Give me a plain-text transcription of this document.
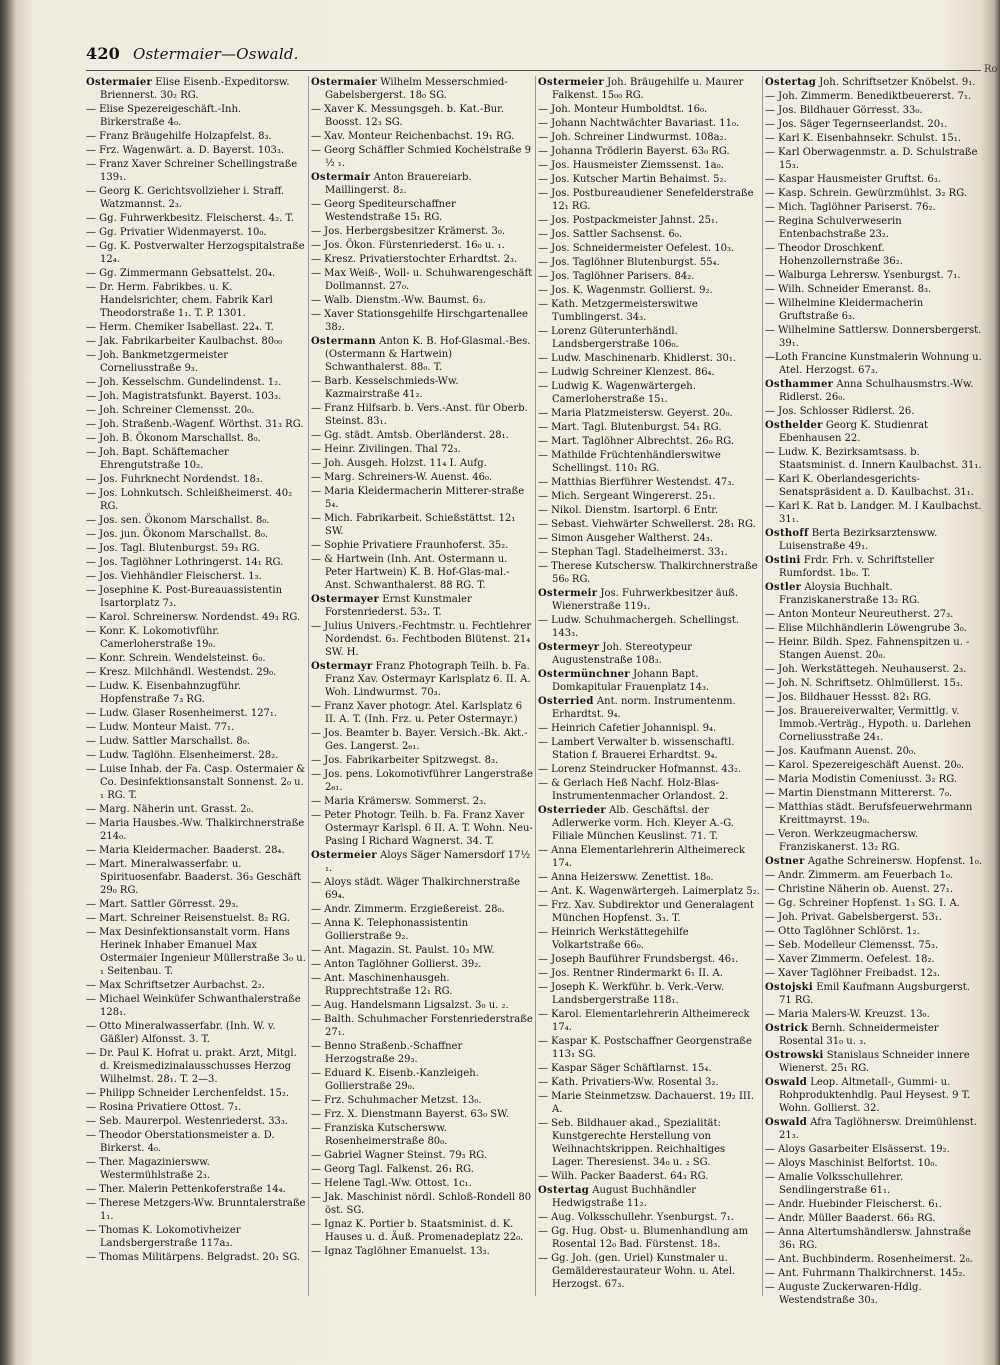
420 Ostermaier—Oswald.
Ostermaier Elise Eisenb.-Expeditorsw. Briennerst. 30₂ RG.
— Elise Spezereigeschäft.-Inh. Birkerstraße 4₀.
— Franz Bräugehilfe Holzapfelst. 8₃.
— Frz. Wagenwärt. a. D. Bayerst. 103₃.
— Franz Xaver Schreiner Schellingstraße 139₁.
— Georg K. Gerichtsvollzieher i. Straff. Watzmannst. 2₃.
— Gg. Fuhrwerkbesitz. Fleischerst. 4₂. T.
— Gg. Privatier Widenmayerst. 10₀.
— Gg. K. Postverwalter Herzogspitalstraße 12₄.
— Gg. Zimmermann Gebsattelst. 20₄.
— Dr. Herm. Fabrikbes. u. K. Handelsrichter, chem. Fabrik Karl Theodorstraße 1₁. T. P. 1301.
— Herm. Chemiker Isabellast. 22₄. T.
— Jak. Fabrikarbeiter Kaulbachst. 80₀₀
— Joh. Bankmetzgermeister Corneliusstraße 9₃.
— Joh. Kesselschm. Gundelindenst. 1₂.
— Joh. Magistratsfunkt. Bayerst. 103₃.
— Joh. Schreiner Clemensst. 20₀.
— Joh. Straßenb.-Wagenf. Wörthst. 31₃ RG.
— Joh. B. Ökonom Marschallst. 8₀.
— Joh. Bapt. Schäftemacher Ehrengutstraße 10₂.
— Jos. Fuhrknecht Nordendst. 18₃.
— Jos. Lohnkutsch. Schleißheimerst. 40₂ RG.
— Jos. sen. Ökonom Marschallst. 8₀.
— Jos. jun. Ökonom Marschallst. 8₀.
— Jos. Tagl. Blutenburgst. 59₃ RG.
— Jos. Taglöhner Lothringerst. 14₁ RG.
— Jos. Viehhändler Fleischerst. 1₃.
— Josephine K. Post-Bureauassistentin Isartorplatz 7₃.
— Karol. Schreinersw. Nordendst. 49₃ RG.
— Konr. K. Lokomotivführ. Camerloherstraße 19₀.
— Konr. Schrein. Wendelsteinst. 6₀.
— Kresz. Milchhändl. Westendst. 29₀.
— Ludw. K. Eisenbahnzugführ. Hopfenstraße 7₃ RG.
— Ludw. Glaser Rosenheimerst. 127₁.
— Ludw. Monteur Maist. 77₁.
— Ludw. Sattler Marschallst. 8₀.
— Ludw. Taglöhn. Elsenheimerst. 28₂.
— Luise Inhab. der Fa. Casp. Ostermaier & Co. Desinfektionsanstalt Sonnenst. 2₀ u. ₁ RG. T.
— Marg. Näherin unt. Grasst. 2₀.
— Maria Hausbes.-Ww. Thalkirchnerstraße 214₀.
— Maria Kleidermacher. Baaderst. 28₄.
— Mart. Mineralwasserfabr. u. Spirituosenfabr. Baaderst. 36₃ Geschäft 29₀ RG.
— Mart. Sattler Görresst. 29₃.
— Mart. Schreiner Reisenstuelst. 8₂ RG.
— Max Desinfektionsanstalt vorm. Hans Herinek Inhaber Emanuel Max Ostermaier Ingenieur Müllerstraße 3₀ u. ₁ Seitenbau. T.
— Max Schriftsetzer Aurbachst. 2₂.
— Michael Weinküfer Schwanthalerstraße 128₁.
— Otto Mineralwasserfabr. (Inh. W. v. Gäßler) Alfonsst. 3. T.
— Dr. Paul K. Hofrat u. prakt. Arzt, Mitgl. d. Kreismedizinalausschusses Herzog Wilhelmst. 28₁. T. 2—3.
— Philipp Schneider Lerchenfeldst. 15₂.
— Rosina Privatiere Ottost. 7₁.
— Seb. Maurerpol. Westenriederst. 33₃.
— Theodor Oberstationsmeister a. D. Birkerst. 4₀.
— Ther. Magaziniersww. Westermühlstraße 2₃.
— Ther. Malerin Pettenkoferstraße 14₄.
— Therese Metzgers-Ww. Brunntalerstraße 1₁.
— Thomas K. Lokomotivheizer Landsbergerstraße 117a₃.
— Thomas Militärpens. Belgradst. 20₁ SG.
Ostermaier Wilhelm Messerschmied-Gabelsbergerst. 18₀ SG.
— Xaver K. Messungsgeh. b. Kat.-Bur. Boosst. 12₃ SG.
— Xav. Monteur Reichenbachst. 19₁ RG.
— Georg Schäffler Schmied Kochelstraße 9 ½ ₁.
Ostermair Anton Brauereiarb. Maillingerst. 8₂.
— Georg Spediteurschaffner Westendstraße 15₁ RG.
— Jos. Herbergsbesitzer Krämerst. 3₀.
— Jos. Ökon. Fürstenriederst. 16₀ u. ₁.
— Kresz. Privatierstochter Erhardtst. 2₃.
— Max Weiß-, Woll- u. Schuhwarengeschäft Dollmannst. 27₀.
— Walb. Dienstm.-Ww. Baumst. 6₃.
— Xaver Stationsgehilfe Hirschgartenallee 38₂.
Ostermann Anton K. B. Hof-Glasmal.-Bes. (Ostermann & Hartwein) Schwanthalerst. 88₀. T.
— Barb. Kesselschmieds-Ww. Kazmairstraße 41₂.
— Franz Hilfsarb. b. Vers.-Anst. für Oberb. Steinst. 83₁.
— Gg. städt. Amtsb. Oberländerst. 28₁.
— Heinr. Zivilingen. Thal 72₃.
— Joh. Ausgeh. Holzst. 11₄ I. Aufg.
— Marg. Schreiners-W. Auenst. 46₀.
— Maria Kleidermacherin Mitterer-straße 5₄.
— Mich. Fabrikarbeit. Schießstättst. 12₁ SW.
— Sophie Privatiere Fraunhoferst. 35₂.
— & Hartwein (Inh. Ant. Ostermann u. Peter Hartwein) K. B. Hof-Glas-mal.-Anst. Schwanthalerst. 88 RG. T.
Ostermayer Ernst Kunstmaler Forstenriederst. 53₂. T.
— Julius Univers.-Fechtmstr. u. Fechtlehrer Nordendst. 6₃. Fechtboden Blütenst. 21₄ SW. H.
Ostermayr Franz Photograph Teilh. b. Fa. Franz Xav. Ostermayr Karlsplatz 6. II. A. Woh. Lindwurmst. 70₃.
— Franz Xaver photogr. Atel. Karlsplatz 6 II. A. T. (Inh. Frz. u. Peter Ostermayr.)
— Jos. Beamter b. Bayer. Versich.-Bk. Akt.-Ges. Langerst. 2₆₁.
— Jos. Fabrikarbeiter Spitzwegst. 8₃.
— Jos. pens. Lokomotivführer Langerstraße 2₆₁.
— Maria Krämersw. Sommerst. 2₃.
— Peter Photogr. Teilh. b. Fa. Franz Xaver Ostermayr Karlspl. 6 II. A. T. Wohn. Neu-Pasing I Richard Wagnerst. 34. T.
Ostermeier Aloys Säger Namersdorf 17½ ₁.
— Aloys städt. Wäger Thalkirchnerstraße 69₄.
— Andr. Zimmerm. Erzgießereist. 28₀.
— Anna K. Telephonassistentin Gollierstraße 9₂.
— Ant. Magazin. St. Paulst. 10₃ MW.
— Anton Taglöhner Gollierst. 39₂.
— Ant. Maschinenhausgeh. Rupprechtstraße 12₁ RG.
— Aug. Handelsmann Ligsalzst. 3₀ u. ₂.
— Balth. Schuhmacher Forstenriederstraße 27₁.
— Benno Straßenb.-Schaffner Herzogstraße 29₃.
— Eduard K. Eisenb.-Kanzleigeh. Gollierstraße 29₀.
— Frz. Schuhmacher Metzst. 13₀.
— Frz. X. Dienstmann Bayerst. 63₀ SW.
— Franziska Kutschersww. Rosenheimerstraße 80₀.
— Gabriel Wagner Steinst. 79₃ RG.
— Georg Tagl. Falkenst. 26₁ RG.
— Helene Tagl.-Ww. Ottost. 1c₁.
— Jak. Maschinist nördl. Schloß-Rondell 80 öst. SG.
— Ignaz K. Portier b. Staatsminist. d. K. Hauses u. d. Äuß. Promenadeplatz 22₀.
— Ignaz Taglöhner Emanuelst. 13₃.
Ostermeier Joh. Bräugehilfe u. Maurer Falkenst. 15₀₀ RG.
— Joh. Monteur Humboldtst. 16₀.
— Johann Nachtwächter Bavariast. 11₀.
— Joh. Schreiner Lindwurmst. 108a₂.
— Johanna Trödlerin Bayerst. 63₀ RG.
— Jos. Hausmeister Ziemssenst. 1a₀.
— Jos. Kutscher Martin Behaimst. 5₂.
— Jos. Postbureaudiener Senefelderstraße 12₁ RG.
— Jos. Postpackmeister Jahnst. 25₁.
— Jos. Sattler Sachsenst. 6₀.
— Jos. Schneidermeister Oefelest. 10₃.
— Jos. Taglöhner Blutenburgst. 55₄.
— Jos. Taglöhner Parisers. 84₂.
— Jos. K. Wagenmstr. Gollierst. 9₂.
— Kath. Metzgermeisterswitwe Tumblingerst. 34₃.
— Lorenz Güterunterhändl. Landsbergerstraße 106₀.
— Ludw. Maschinenarb. Khidlerst. 30₁.
— Ludwig Schreiner Klenzest. 86₄.
— Ludwig K. Wagenwärtergeh. Camerloherstraße 15₁.
— Maria Platzmeistersw. Geyerst. 20₀.
— Mart. Tagl. Blutenburgst. 54₁ RG.
— Mart. Taglöhner Albrechtst. 26₀ RG.
— Mathilde Früchtenhändlerswitwe Schellingst. 110₁ RG.
— Matthias Bierführer Westendst. 47₃.
— Mich. Sergeant Wingererst. 25₁.
— Nikol. Dienstm. Isartorpl. 6 Entr.
— Sebast. Viehwärter Schwellerst. 28₁ RG.
— Simon Ausgeher Waltherst. 24₃.
— Stephan Tagl. Stadelheimerst. 33₁.
— Therese Kutschersw. Thalkirchnerstraße 56₀ RG.
Ostermeir Jos. Fuhrwerkbesitzer äuß. Wienerstraße 119₁.
— Ludw. Schuhmachergeh. Schellingst. 143₃.
Ostermeyr Joh. Stereotypeur Augustenstraße 108₃.
Ostermünchner Johann Bapt. Domkapitular Frauenplatz 14₃.
Osterried Ant. norm. Instrumentenm. Erhardtst. 9₄.
— Heinrich Cafetier Johannispl. 9₄.
— Lambert Verwalter b. wissenschaftl. Station f. Brauerei Erhardtst. 9₄.
— Lorenz Steindrucker Hofmannst. 43₂.
— & Gerlach Heß Nachf. Holz-Blas-Instrumentenmacher Orlandost. 2.
Osterrieder Alb. Geschäftsl. der Adlerwerke vorm. Hch. Kleyer A.-G. Filiale München Keuslinst. 71. T.
— Anna Elementarlehrerin Altheimereck 17₄.
— Anna Heizersww. Zenettist. 18₀.
— Ant. K. Wagenwärtergeh. Laimerplatz 5₂.
— Frz. Xav. Subdirektor und Generalagent München Hopfenst. 3₃. T.
— Heinrich Werkstättegehilfe Volkartstraße 66₀.
— Joseph Bauführer Frundsbergst. 46₁.
— Jos. Rentner Rindermarkt 6₁ II. A.
— Joseph K. Werkführ. b. Verk.-Verw. Landsbergerstraße 118₁.
— Karol. Elementarlehrerin Altheimereck 17₄.
— Kaspar K. Postschaffner Georgenstraße 113₁ SG.
— Kaspar Säger Schäftlarnst. 15₄.
— Kath. Privatiers-Ww. Rosental 3₂.
— Marie Steinmetzsw. Dachauerst. 19₂ III. A.
— Seb. Bildhauer akad., Spezialität: Kunstgerechte Herstellung von Weihnachtskrippen. Reichhaltiges Lager. Theresienst. 34₀ u. ₂ SG.
— Wilh. Packer Baaderst. 64₃ RG.
Ostertag August Buchhändler Hedwigstraße 11₂.
— Aug. Volksschullehr. Ysenburgst. 7₁.
— Gg. Hug. Obst- u. Blumenhandlung am Rosental 12₀ Bad. Fürstenst. 18₃.
— Gg. Joh. (gen. Uriel) Kunstmaler u. Gemälderestaurateur Wohn. u. Atel. Herzogst. 67₃.
Ostertag Joh. Schriftsetzer Knöbelst. 9₁.
— Joh. Zimmerm. Benediktbeuererst. 7₁.
— Jos. Bildhauer Görresst. 33₀.
— Jos. Säger Tegernseerlandst. 20₁.
— Karl K. Eisenbahnsekr. Schulst. 15₁.
— Karl Oberwagenmstr. a. D. Schulstraße 15₃.
— Kaspar Hausmeister Gruftst. 6₃.
— Kasp. Schrein. Gewürzmühlst. 3₂ RG.
— Mich. Taglöhner Pariserst. 76₂.
— Regina Schulverweserin Entenbachstraße 23₂.
— Theodor Droschkenf. Hohenzollernstraße 36₂.
— Walburga Lehrersw. Ysenburgst. 7₁.
— Wilh. Schneider Emeranst. 8₃.
— Wilhelmine Kleidermacherin Gruftstraße 6₃.
— Wilhelmine Sattlersw. Donnersbergerst. 39₁.
—Loth Francine Kunstmalerin Wohnung u. Atel. Herzogst. 67₃.
Osthammer Anna Schulhausmstrs.-Ww. Ridlerst. 26₀.
— Jos. Schlosser Ridlerst. 26.
Osthelder Georg K. Studienrat Ebenhausen 22.
— Ludw. K. Bezirksamtsass. b. Staatsminist. d. Innern Kaulbachst. 31₁.
— Karl K. Oberlandesgerichts-Senatspräsident a. D. Kaulbachst. 31₁.
— Karl K. Rat b. Landger. M. I Kaulbachst. 31₁.
Osthoff Berta Bezirksarztensww. Luisenstraße 49₁.
Ostini Frdr. Frh. v. Schriftsteller Rumfordst. 1b₀. T.
Ostler Aloysia Buchhalt. Franziskanerstraße 13₂ RG.
— Anton Monteur Neureutherst. 27₃.
— Elise Milchhändlerin Löwengrube 3₀.
— Heinr. Bildh. Spez. Fahnenspitzen u. -Stangen Auenst. 20₀.
— Joh. Werkstättegeh. Neuhauserst. 2₃.
— Joh. N. Schriftsetz. Ohlmüllerst. 15₃.
— Jos. Bildhauer Hessst. 82₁ RG.
— Jos. Brauereiverwalter, Vermittlg. v. Immob.-Verträg., Hypoth. u. Darlehen Corneliusstraße 24₁.
— Jos. Kaufmann Auenst. 20₀.
— Karol. Spezereigeschäft Auenst. 20₀.
— Maria Modistin Comeniusst. 3₂ RG.
— Martin Dienstmann Mittererst. 7₀.
— Matthias städt. Berufsfeuerwehrmann Kreittmayrst. 19₀.
— Veron. Werkzeugmachersw. Franziskanerst. 13₂ RG.
Ostner Agathe Schreinersw. Hopfenst. 1₀.
— Andr. Zimmerm. am Feuerbach 1₀.
— Christine Näherin ob. Auenst. 27₁.
— Gg. Schreiner Hopfenst. 1₃ SG. I. A.
— Joh. Privat. Gabelsbergerst. 53₁.
— Otto Taglöhner Schlörst. 1₂.
— Seb. Modelleur Clemensst. 75₃.
— Xaver Zimmerm. Oefelest. 18₂.
— Xaver Taglöhner Freibadst. 12₃.
Ostojski Emil Kaufmann Augsburgerst. 71 RG.
— Maria Malers-W. Kreuzst. 13₀.
Ostrick Bernh. Schneidermeister Rosental 31₀ u. ₃.
Ostrowski Stanislaus Schneider innere Wienerst. 25₁ RG.
Oswald Leop. Altmetall-, Gummi- u. Rohproduktenhdlg. Paul Heysest. 9 T. Wohn. Gollierst. 32.
Oswald Afra Taglöhnersw. Dreimühlenst. 21₃.
— Aloys Gasarbeiter Elsässerst. 19₂.
— Aloys Maschinist Belfortst. 10₀.
— Amalie Volksschullehrer. Sendlingerstraße 61₁.
— Andr. Huebinder Fleischerst. 6₁.
— Andr. Müller Baaderst. 66₃ RG.
— Anna Altertumshändlersw. Jahnstraße 36₁ RG.
— Ant. Buchbinderm. Rosenheimerst. 2₀.
— Ant. Fuhrmann Thalkirchnerst. 145₂.
— Auguste Zuckerwaren-Hdlg. Westendstraße 30₃.
Ro
